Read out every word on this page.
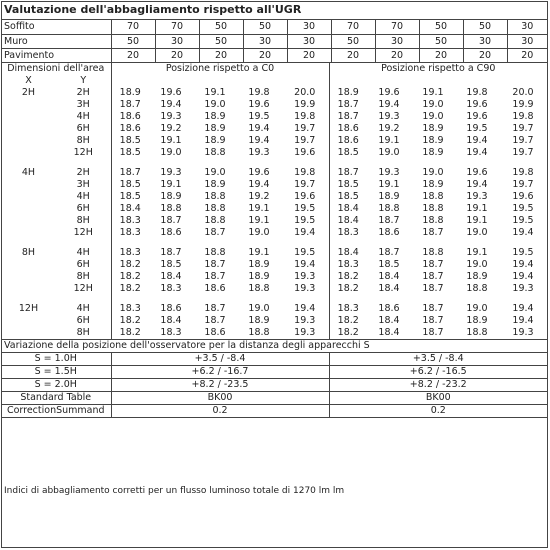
Valutazione dell'abbagliamento rispetto all'UGR
Soffito	70	70	50	50	30	70	70	50	50	30
Muro	50	30	50	30	30	50	30	50	30	30
Pavimento	20	20	20	20	20	20	20	20	20	20
Dimensioni dell'area		Posizione rispetto a C0					Posizione rispetto a C90				
X	Y										
2H	2H	18.9	19.6	19.1	19.8	20.0	18.9	19.6	19.1	19.8	20.0
	3H	18.7	19.4	19.0	19.6	19.9	18.7	19.4	19.0	19.6	19.9
	4H	18.6	19.3	18.9	19.5	19.8	18.7	19.3	19.0	19.6	19.8
	6H	18.6	19.2	18.9	19.4	19.7	18.6	19.2	18.9	19.5	19.7
	8H	18.5	19.1	18.9	19.4	19.7	18.6	19.1	18.9	19.4	19.7
	12H	18.5	19.0	18.8	19.3	19.6	18.5	19.0	18.9	19.4	19.7

4H	2H	18.7	19.3	19.0	19.6	19.8	18.7	19.3	19.0	19.6	19.8
	3H	18.5	19.1	18.9	19.4	19.7	18.5	19.1	18.9	19.4	19.7
	4H	18.5	18.9	18.8	19.2	19.6	18.5	18.9	18.8	19.3	19.6
	6H	18.4	18.8	18.8	19.1	19.5	18.4	18.8	18.8	19.1	19.5
	8H	18.3	18.7	18.8	19.1	19.5	18.4	18.7	18.8	19.1	19.5
	12H	18.3	18.6	18.7	19.0	19.4	18.3	18.6	18.7	19.0	19.4

8H	4H	18.3	18.7	18.8	19.1	19.5	18.4	18.7	18.8	19.1	19.5
	6H	18.2	18.5	18.7	18.9	19.4	18.3	18.5	18.7	19.0	19.4
	8H	18.2	18.4	18.7	18.9	19.3	18.2	18.4	18.7	18.9	19.4
	12H	18.2	18.3	18.6	18.8	19.3	18.2	18.4	18.7	18.8	19.3

12H	4H	18.3	18.6	18.7	19.0	19.4	18.3	18.6	18.7	19.0	19.4
	6H	18.2	18.4	18.7	18.9	19.3	18.2	18.4	18.7	18.9	19.4
	8H	18.2	18.3	18.6	18.8	19.3	18.2	18.4	18.7	18.8	19.3
Variazione della posizione dell'osservatore per la distanza degli apparecchi S											
S = 1.0H		+3.5 / -8.4					+3.5 / -8.4				
S = 1.5H		+6.2 / -16.7					+6.2 / -16.5				
S = 2.0H		+8.2 / -23.5					+8.2 / -23.2				
Standard Table		BK00					BK00				
CorrectionSummand		0.2					0.2				

Indici di abbagliamento corretti per un flusso luminoso totale di 1270 lm lm
